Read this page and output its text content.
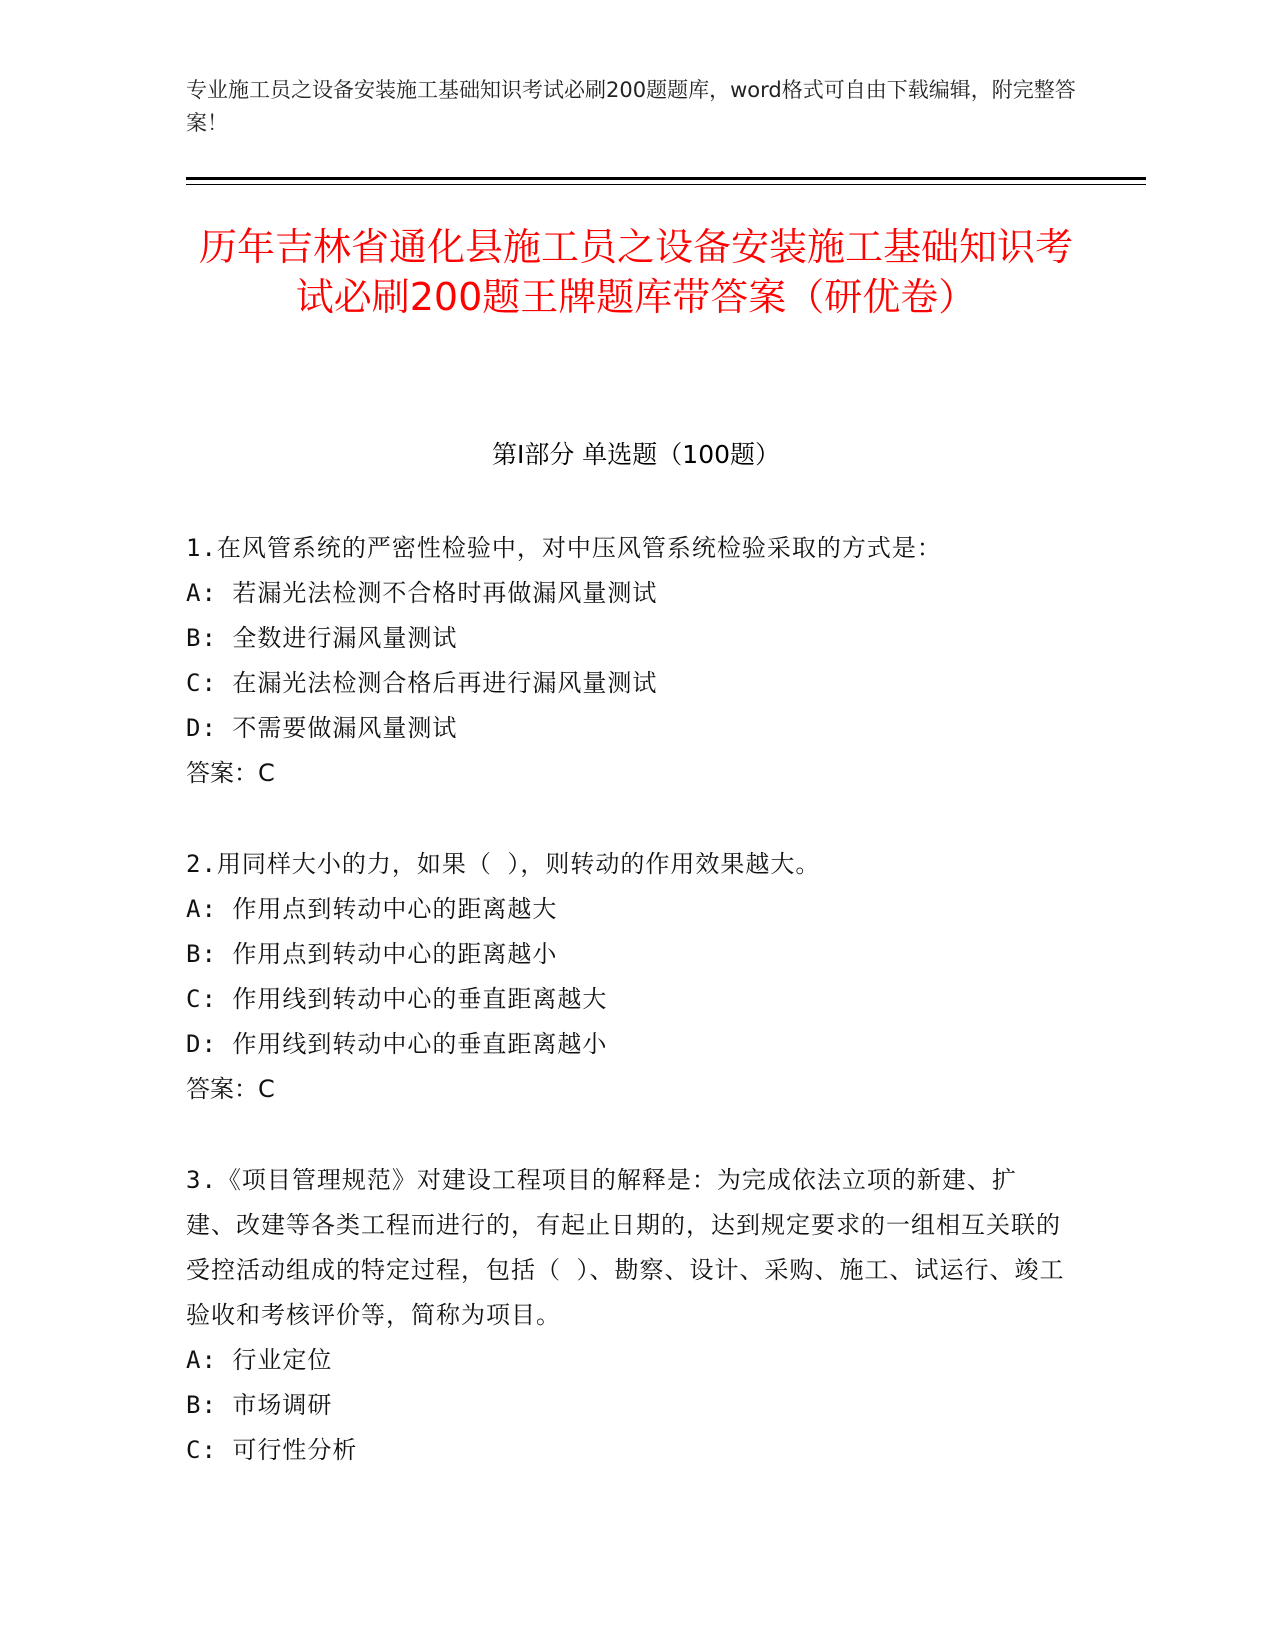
专业施工员之设备安装施工基础知识考试必刷200题题库，word格式可自由下载编辑，附完整答案！
历年吉林省通化县施工员之设备安装施工基础知识考试必刷200题王牌题库带答案（研优卷）
第Ⅰ部分 单选题（100题）
1.在风管系统的严密性检验中，对中压风管系统检验采取的方式是：
A: 若漏光法检测不合格时再做漏风量测试
B: 全数进行漏风量测试
C: 在漏光法检测合格后再进行漏风量测试
D: 不需要做漏风量测试
答案：C
2.用同样大小的力，如果（ ），则转动的作用效果越大。
A: 作用点到转动中心的距离越大
B: 作用点到转动中心的距离越小
C: 作用线到转动中心的垂直距离越大
D: 作用线到转动中心的垂直距离越小
答案：C
3.《项目管理规范》对建设工程项目的解释是：为完成依法立项的新建、扩建、改建等各类工程而进行的，有起止日期的，达到规定要求的一组相互关联的受控活动组成的特定过程，包括（ ）、勘察、设计、采购、施工、试运行、竣工验收和考核评价等，简称为项目。
A: 行业定位
B: 市场调研
C: 可行性分析
